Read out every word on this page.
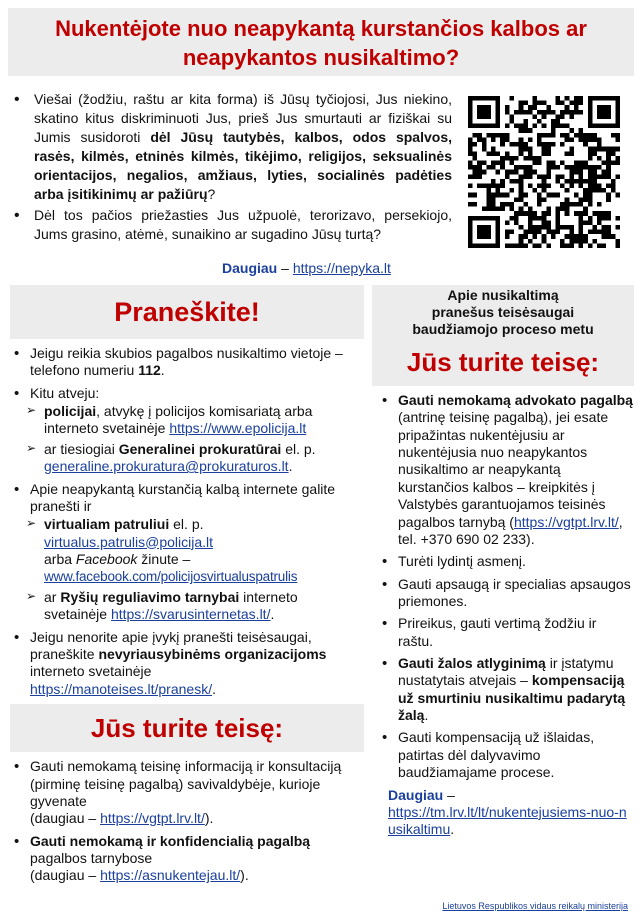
Nukentėjote nuo neapykantą kurstančios kalbos ar neapykantos nusikaltimo?
• Viešai (žodžiu, raštu ar kita forma) iš Jūsų tyčiojosi, Jus niekino, skatino kitus diskriminuoti Jus, prieš Jus smurtauti ar fiziškai su Jumis susidoroti dėl Jūsų tautybės, kalbos, odos spalvos, rasės, kilmės, etninės kilmės, tikėjimo, religijos, seksualinės orientacijos, negalios, amžiaus, lyties, socialinės padėties arba įsitikinimų ar pažiūrų?
• Dėl tos pačios priežasties Jus užpuolė, terorizavo, persekiojo, Jums grasino, atėmė, sunaikino ar sugadino Jūsų turtą?
Daugiau – https://nepyka.lt
Praneškite!
• Jeigu reikia skubios pagalbos nusikaltimo vietoje – telefono numeriu 112.
• Kitu atveju:
➢ policijai, atvykę į policijos komisariatą arba interneto svetainėje https://www.epolicija.lt
➢ ar tiesiogiai Generalinei prokuratūrai el. p. generaline.prokuratura@prokuraturos.lt.
• Apie neapykantą kurstančią kalbą internete galite pranešti ir
➢ virtualiam patruliui el. p.
virtualus.patrulis@policija.lt
arba Facebook žinute –
www.facebook.com/policijosvirtualuspatrulis
➢ ar Ryšių reguliavimo tarnybai interneto svetainėje https://svarusinternetas.lt/.
• Jeigu nenorite apie įvykį pranešti teisėsaugai, praneškite nevyriausybinėms organizacijoms interneto svetainėje
https://manoteises.lt/pranesk/.
Jūs turite teisę:
• Gauti nemokamą teisinę informaciją ir konsultaciją (pirminę teisinę pagalbą) savivaldybėje, kurioje gyvenate
(daugiau – https://vgtpt.lrv.lt/).
• Gauti nemokamą ir konfidencialią pagalbą pagalbos tarnybose
(daugiau – https://asnukentejau.lt/).
Apie nusikaltimą
pranešus teisėsaugai
baudžiamojo proceso metu
Jūs turite teisę:
• Gauti nemokamą advokato pagalbą (antrinę teisinę pagalbą), jei esate pripažintas nukentėjusiu ar nukentėjusia nuo neapykantos nusikaltimo ar neapykantą kurstančios kalbos – kreipkitės į Valstybės garantuojamos teisinės pagalbos tarnybą (https://vgtpt.lrv.lt/, tel. +370 690 02 233).
• Turėti lydintį asmenį.
• Gauti apsaugą ir specialias apsaugos priemones.
• Prireikus, gauti vertimą žodžiu ir raštu.
• Gauti žalos atlyginimą ir įstatymu nustatytais atvejais – kompensaciją už smurtiniu nusikaltimu padarytą žalą.
• Gauti kompensaciją už išlaidas, patirtas dėl dalyvavimo baudžiamajame procese.
Daugiau –
https://tm.lrv.lt/lt/nukentejusiems-nuo-nusikaltimu.
Lietuvos Respublikos vidaus reikalų ministerija
